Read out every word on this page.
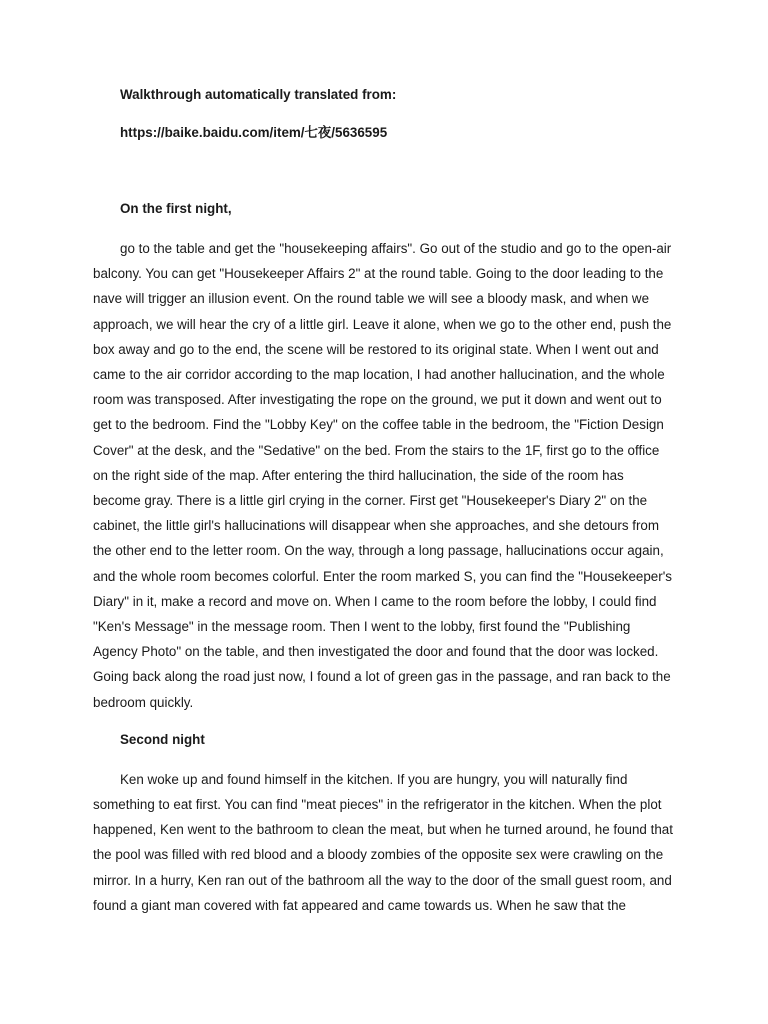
Walkthrough automatically translated from:

https://baike.baidu.com/item/七夜/5636595

On the first night,

go to the table and get the "housekeeping affairs". Go out of the studio and go to the open-air balcony. You can get "Housekeeper Affairs 2" at the round table. Going to the door leading to the nave will trigger an illusion event. On the round table we will see a bloody mask, and when we approach, we will hear the cry of a little girl. Leave it alone, when we go to the other end, push the box away and go to the end, the scene will be restored to its original state. When I went out and came to the air corridor according to the map location, I had another hallucination, and the whole room was transposed. After investigating the rope on the ground, we put it down and went out to get to the bedroom. Find the "Lobby Key" on the coffee table in the bedroom, the "Fiction Design Cover" at the desk, and the "Sedative" on the bed. From the stairs to the 1F, first go to the office on the right side of the map. After entering the third hallucination, the side of the room has become gray. There is a little girl crying in the corner. First get "Housekeeper's Diary 2" on the cabinet, the little girl's hallucinations will disappear when she approaches, and she detours from the other end to the letter room. On the way, through a long passage, hallucinations occur again, and the whole room becomes colorful. Enter the room marked S, you can find the "Housekeeper's Diary" in it, make a record and move on. When I came to the room before the lobby, I could find "Ken's Message" in the message room. Then I went to the lobby, first found the "Publishing Agency Photo" on the table, and then investigated the door and found that the door was locked. Going back along the road just now, I found a lot of green gas in the passage, and ran back to the bedroom quickly.

Second night

Ken woke up and found himself in the kitchen. If you are hungry, you will naturally find something to eat first. You can find "meat pieces" in the refrigerator in the kitchen. When the plot happened, Ken went to the bathroom to clean the meat, but when he turned around, he found that the pool was filled with red blood and a bloody zombies of the opposite sex were crawling on the mirror. In a hurry, Ken ran out of the bathroom all the way to the door of the small guest room, and found a giant man covered with fat appeared and came towards us. When he saw that the
